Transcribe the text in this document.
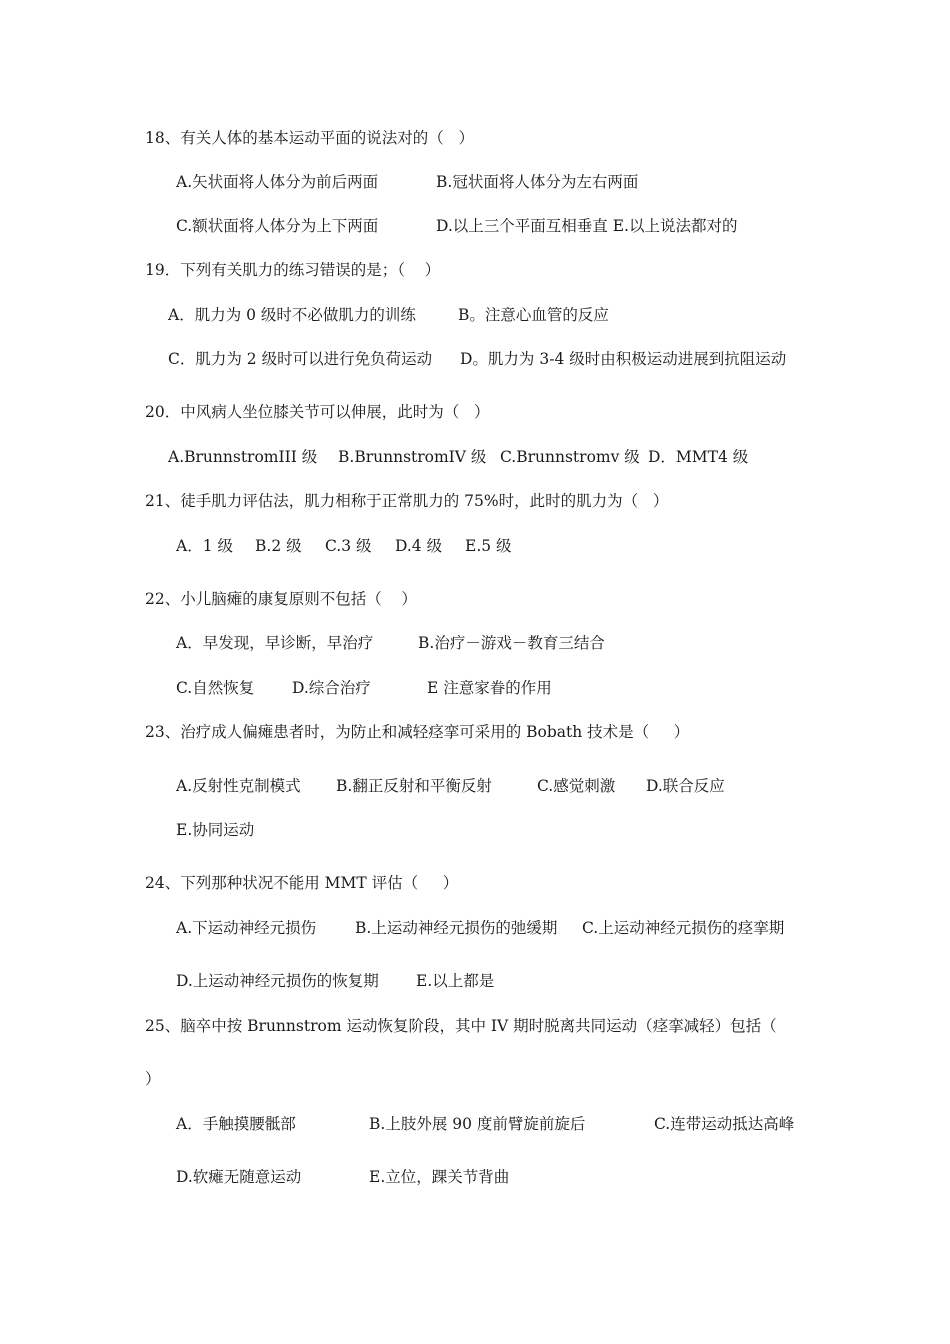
18、有关人体的基本运动平面的说法对的（   ）

A.矢状面将人体分为前后两面

	B.冠状面将人体分为左右两面

C.额状面将人体分为上下两面

	D.以上三个平面互相垂直 E.以上说法都对的

19．下列有关肌力的练习错误的是；（    ）

A．肌力为 0 级时不必做肌力的训练

	B。注意心血管的反应

C．肌力为 2 级时可以进行免负荷运动

D。肌力为 3-4 级时由积极运动进展到抗阻运动

20．中风病人坐位膝关节可以伸展，此时为（   ）

A.BrunnstromIII 级

B.BrunnstromIV 级

C.Brunnstromv 级

D．MMT4 级

21、徒手肌力评估法，肌力相称于正常肌力的 75%时，此时的肌力为（   ）

A．1 级

B.2 级

C.3 级

D.4 级

E.5 级

22、小儿脑瘫的康复原则不包括（    ）

A．早发现，早诊断，早治疗

	B.治疗－游戏－教育三结合

C.自然恢复

D.综合治疗

	E 注意家眷的作用

23、治疗成人偏瘫患者时，为防止和减轻痉挛可采用的 Bobath 技术是（     ）

A.反射性克制模式

B.翻正反射和平衡反射

	C.感觉刺激

D.联合反应

E.协同运动

24、下列那种状况不能用 MMT 评估（     ）

A.下运动神经元损伤

	B.上运动神经元损伤的弛缓期

C.上运动神经元损伤的痉挛期

D.上运动神经元损伤的恢复期

E.以上都是

25、脑卒中按 Brunnstrom 运动恢复阶段，其中 IV 期时脱离共同运动（痉挛减轻）包括（
）

A．手触摸腰骶部

	B.上肢外展 90 度前臂旋前旋后

	C.连带运动抵达高峰

D.软瘫无随意运动

	E.立位，踝关节背曲
